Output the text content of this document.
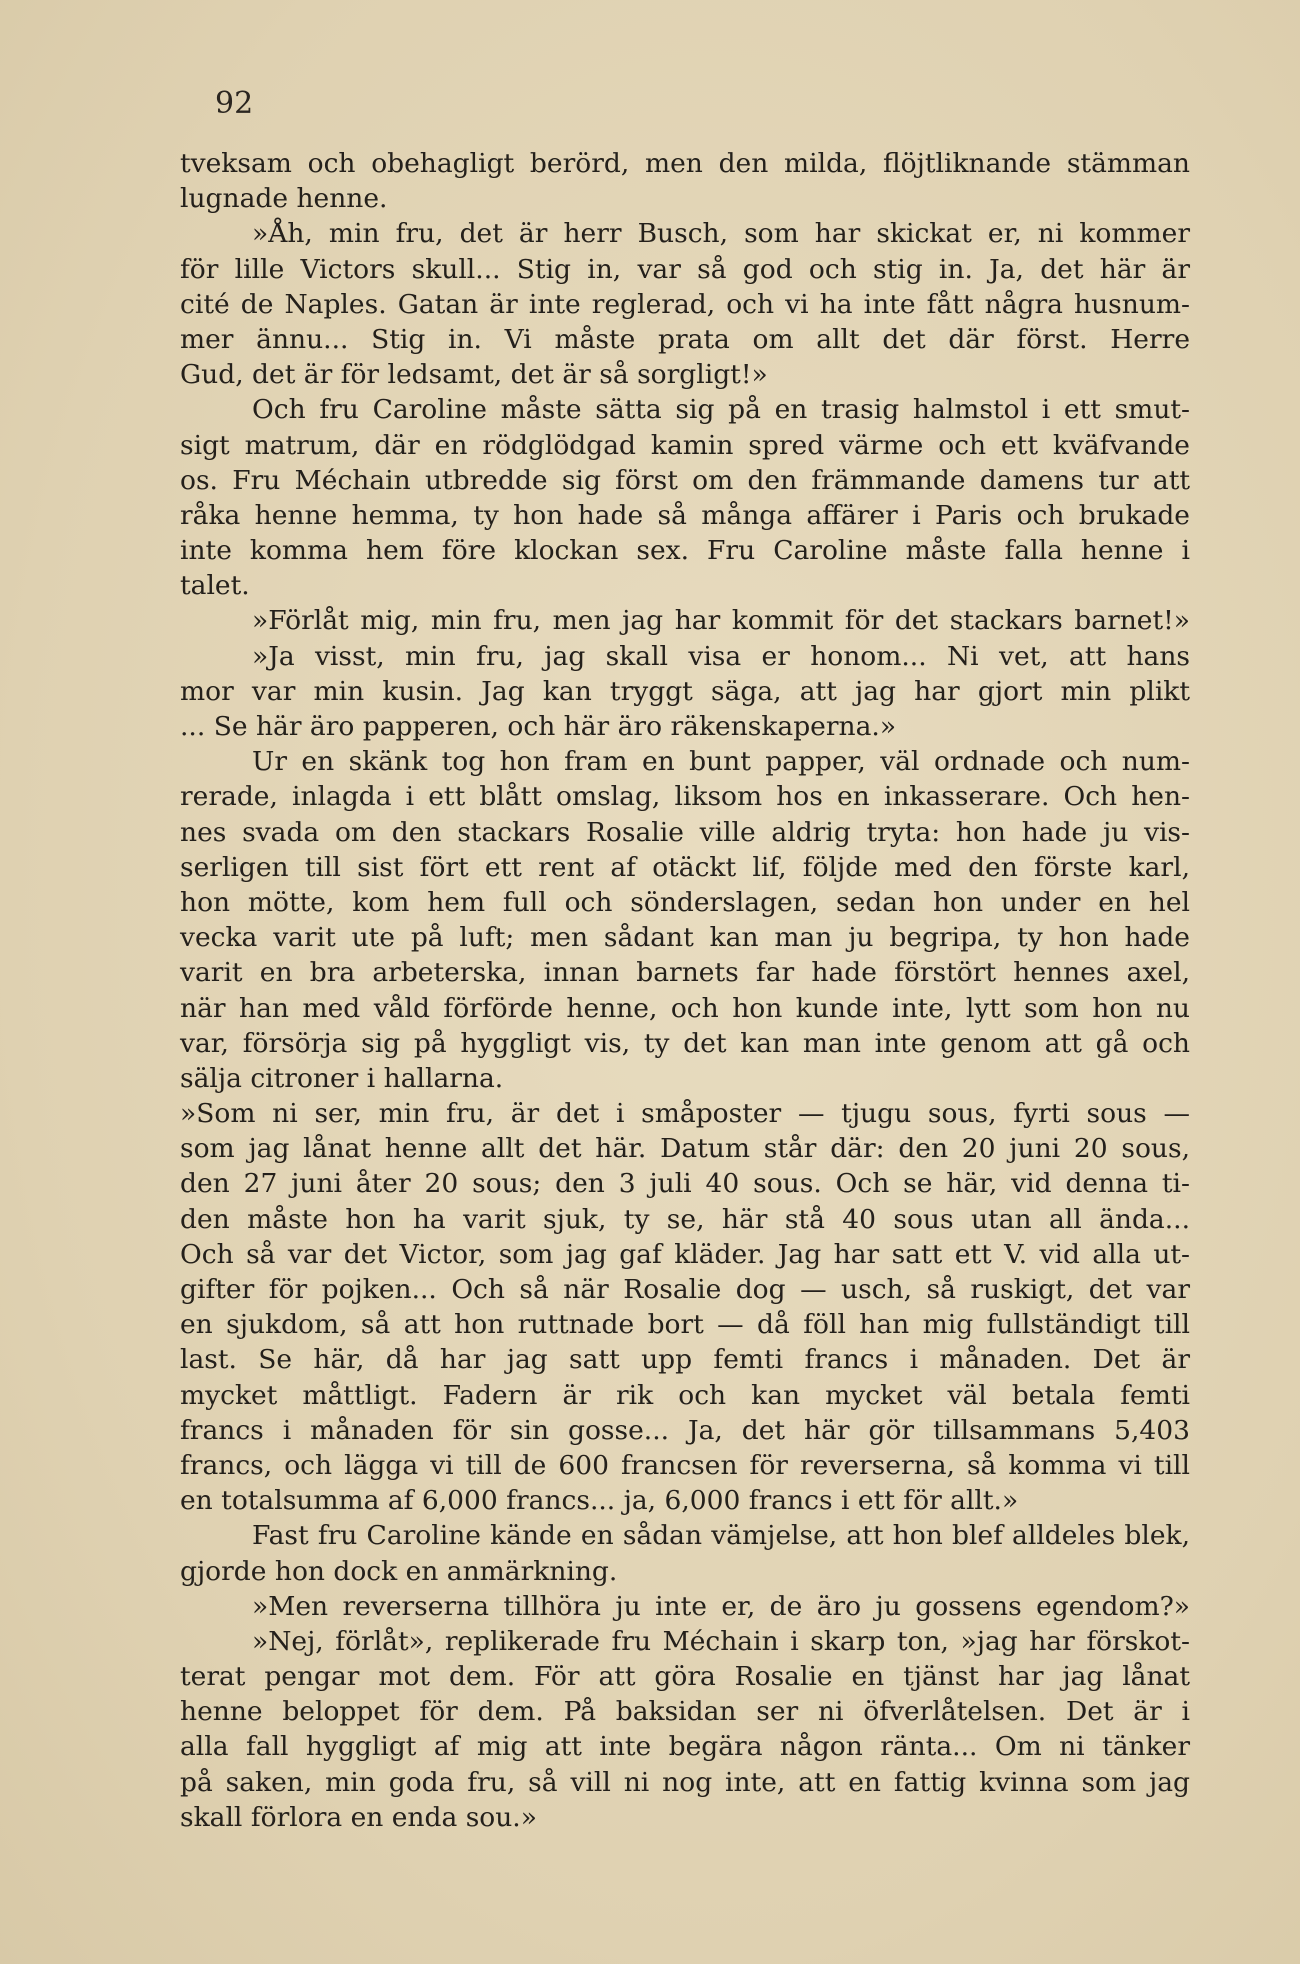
92
tveksam och obehagligt berörd, men den milda, flöjtliknande stämman
lugnade henne.
»Åh, min fru, det är herr Busch, som har skickat er, ni kommer
för lille Victors skull... Stig in, var så god och stig in. Ja, det här är
cité de Naples. Gatan är inte reglerad, och vi ha inte fått några husnum-
mer ännu... Stig in. Vi måste prata om allt det där först. Herre
Gud, det är för ledsamt, det är så sorgligt!»
Och fru Caroline måste sätta sig på en trasig halmstol i ett smut-
sigt matrum, där en rödglödgad kamin spred värme och ett kväfvande
os. Fru Méchain utbredde sig först om den främmande damens tur att
råka henne hemma, ty hon hade så många affärer i Paris och brukade
inte komma hem före klockan sex. Fru Caroline måste falla henne i
talet.
»Förlåt mig, min fru, men jag har kommit för det stackars barnet!»
»Ja visst, min fru, jag skall visa er honom... Ni vet, att hans
mor var min kusin. Jag kan tryggt säga, att jag har gjort min plikt
... Se här äro papperen, och här äro räkenskaperna.»
Ur en skänk tog hon fram en bunt papper, väl ordnade och num-
rerade, inlagda i ett blått omslag, liksom hos en inkasserare. Och hen-
nes svada om den stackars Rosalie ville aldrig tryta: hon hade ju vis-
serligen till sist fört ett rent af otäckt lif, följde med den förste karl,
hon mötte, kom hem full och sönderslagen, sedan hon under en hel
vecka varit ute på luft; men sådant kan man ju begripa, ty hon hade
varit en bra arbeterska, innan barnets far hade förstört hennes axel,
när han med våld förförde henne, och hon kunde inte, lytt som hon nu
var, försörja sig på hyggligt vis, ty det kan man inte genom att gå och
sälja citroner i hallarna.
»Som ni ser, min fru, är det i småposter — tjugu sous, fyrti sous —
som jag lånat henne allt det här. Datum står där: den 20 juni 20 sous,
den 27 juni åter 20 sous; den 3 juli 40 sous. Och se här, vid denna ti-
den måste hon ha varit sjuk, ty se, här stå 40 sous utan all ända...
Och så var det Victor, som jag gaf kläder. Jag har satt ett V. vid alla ut-
gifter för pojken... Och så när Rosalie dog — usch, så ruskigt, det var
en sjukdom, så att hon ruttnade bort — då föll han mig fullständigt till
last. Se här, då har jag satt upp femti francs i månaden. Det är
mycket måttligt. Fadern är rik och kan mycket väl betala femti
francs i månaden för sin gosse... Ja, det här gör tillsammans 5,403
francs, och lägga vi till de 600 francsen för reverserna, så komma vi till
en totalsumma af 6,000 francs... ja, 6,000 francs i ett för allt.»
Fast fru Caroline kände en sådan vämjelse, att hon blef alldeles blek,
gjorde hon dock en anmärkning.
»Men reverserna tillhöra ju inte er, de äro ju gossens egendom?»
»Nej, förlåt», replikerade fru Méchain i skarp ton, »jag har förskot-
terat pengar mot dem. För att göra Rosalie en tjänst har jag lånat
henne beloppet för dem. På baksidan ser ni öfverlåtelsen. Det är i
alla fall hyggligt af mig att inte begära någon ränta... Om ni tänker
på saken, min goda fru, så vill ni nog inte, att en fattig kvinna som jag
skall förlora en enda sou.»
